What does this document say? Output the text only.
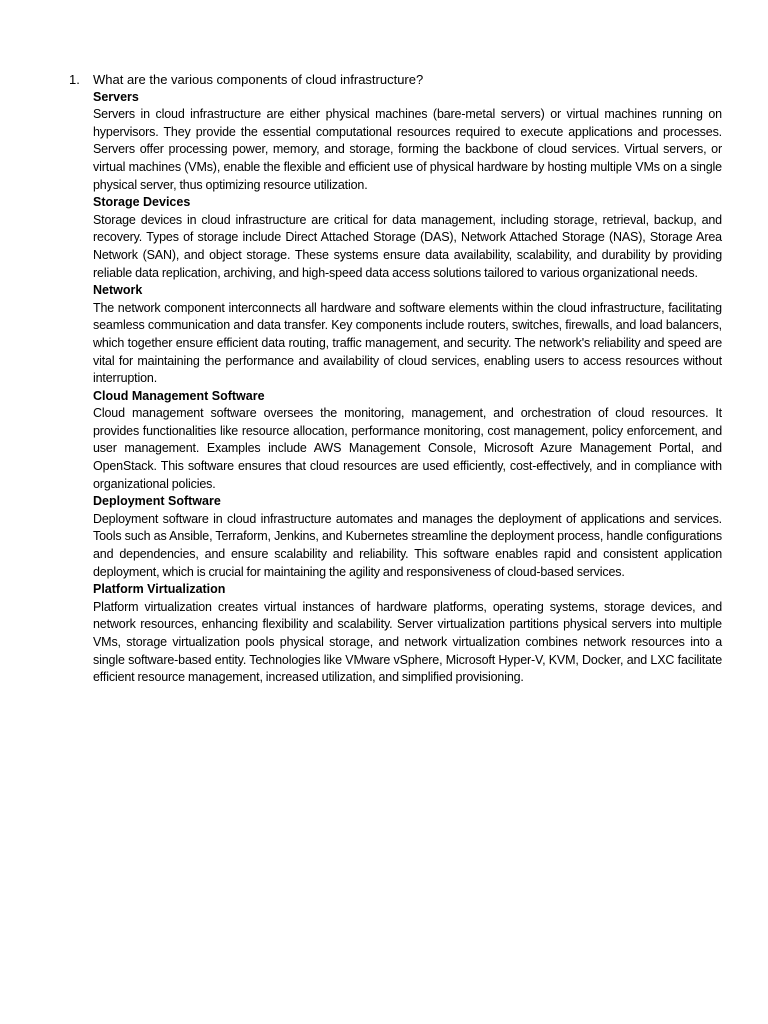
1. What are the various components of cloud infrastructure?

Servers

Servers in cloud infrastructure are either physical machines (bare-metal servers) or virtual machines running on hypervisors. They provide the essential computational resources required to execute applications and processes. Servers offer processing power, memory, and storage, forming the backbone of cloud services. Virtual servers, or virtual machines (VMs), enable the flexible and efficient use of physical hardware by hosting multiple VMs on a single physical server, thus optimizing resource utilization.

Storage Devices

Storage devices in cloud infrastructure are critical for data management, including storage, retrieval, backup, and recovery. Types of storage include Direct Attached Storage (DAS), Network Attached Storage (NAS), Storage Area Network (SAN), and object storage. These systems ensure data availability, scalability, and durability by providing reliable data replication, archiving, and high-speed data access solutions tailored to various organizational needs.

Network

The network component interconnects all hardware and software elements within the cloud infrastructure, facilitating seamless communication and data transfer. Key components include routers, switches, firewalls, and load balancers, which together ensure efficient data routing, traffic management, and security. The network's reliability and speed are vital for maintaining the performance and availability of cloud services, enabling users to access resources without interruption.

Cloud Management Software

Cloud management software oversees the monitoring, management, and orchestration of cloud resources. It provides functionalities like resource allocation, performance monitoring, cost management, policy enforcement, and user management. Examples include AWS Management Console, Microsoft Azure Management Portal, and OpenStack. This software ensures that cloud resources are used efficiently, cost-effectively, and in compliance with organizational policies.

Deployment Software

Deployment software in cloud infrastructure automates and manages the deployment of applications and services. Tools such as Ansible, Terraform, Jenkins, and Kubernetes streamline the deployment process, handle configurations and dependencies, and ensure scalability and reliability. This software enables rapid and consistent application deployment, which is crucial for maintaining the agility and responsiveness of cloud-based services.

Platform Virtualization

Platform virtualization creates virtual instances of hardware platforms, operating systems, storage devices, and network resources, enhancing flexibility and scalability. Server virtualization partitions physical servers into multiple VMs, storage virtualization pools physical storage, and network virtualization combines network resources into a single software-based entity. Technologies like VMware vSphere, Microsoft Hyper-V, KVM, Docker, and LXC facilitate efficient resource management, increased utilization, and simplified provisioning.
